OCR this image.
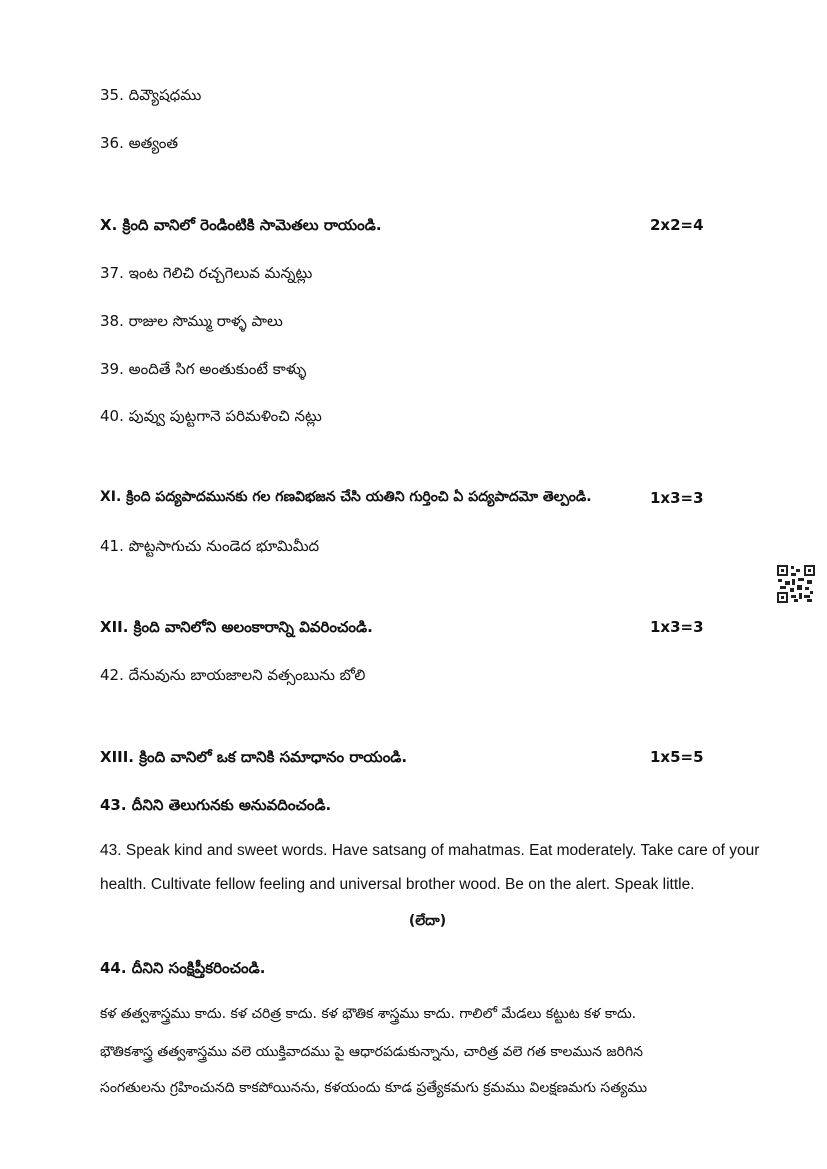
35. దివ్యౌషధము
36. అత్యంత
X. క్రింది వానిలో రెండింటికి సామెతలు రాయండి.	2x2=4
37. ఇంట గెలిచి రచ్చగెలువ మన్నట్లు
38. రాజుల సొమ్ము రాళ్ళ పాలు
39. అందితే సిగ అంతుకుంటే కాళ్ళు
40. పువ్వు పుట్టగానె పరిమళించి నట్లు
XI. క్రింది పద్యపాదమునకు గల గణవిభజన చేసి యతిని గుర్తించి ఏ పద్యపాదమో తెల్పండి.	1x3=3
41. పొట్టసాగుచు నుండెద భూమిమీద
XII. క్రింది వానిలోని అలంకారాన్ని వివరించండి.	1x3=3
42. దేనువును బాయజాలని వత్సంబును బోలి
XIII. క్రింది వానిలో ఒక దానికి సమాధానం రాయండి.	1x5=5
43. దీనిని తెలుగునకు అనువదించండి.
43. Speak kind and sweet words. Have satsang of mahatmas. Eat moderately. Take care of your
health. Cultivate fellow feeling and universal brother wood. Be on the alert. Speak little.
(లేదా)
44. దీనిని సంక్షిప్తీకరించండి.
కళ తత్వశాస్త్రము కాదు. కళ చరిత్ర కాదు. కళ భౌతిక శాస్త్రము కాదు. గాలిలో మేడలు కట్టుట కళ కాదు.
భౌతికశాస్త్ర తత్వశాస్త్రము వలె యుక్తివాదము పై ఆధారపడుకున్నాను, చారిత్ర వలె గత కాలమున జరిగిన
సంగతులను గ్రహించునది కాకపోయినను, కళయందు కూడ ప్రత్యేకమగు క్రమము విలక్షణమగు సత్యము
